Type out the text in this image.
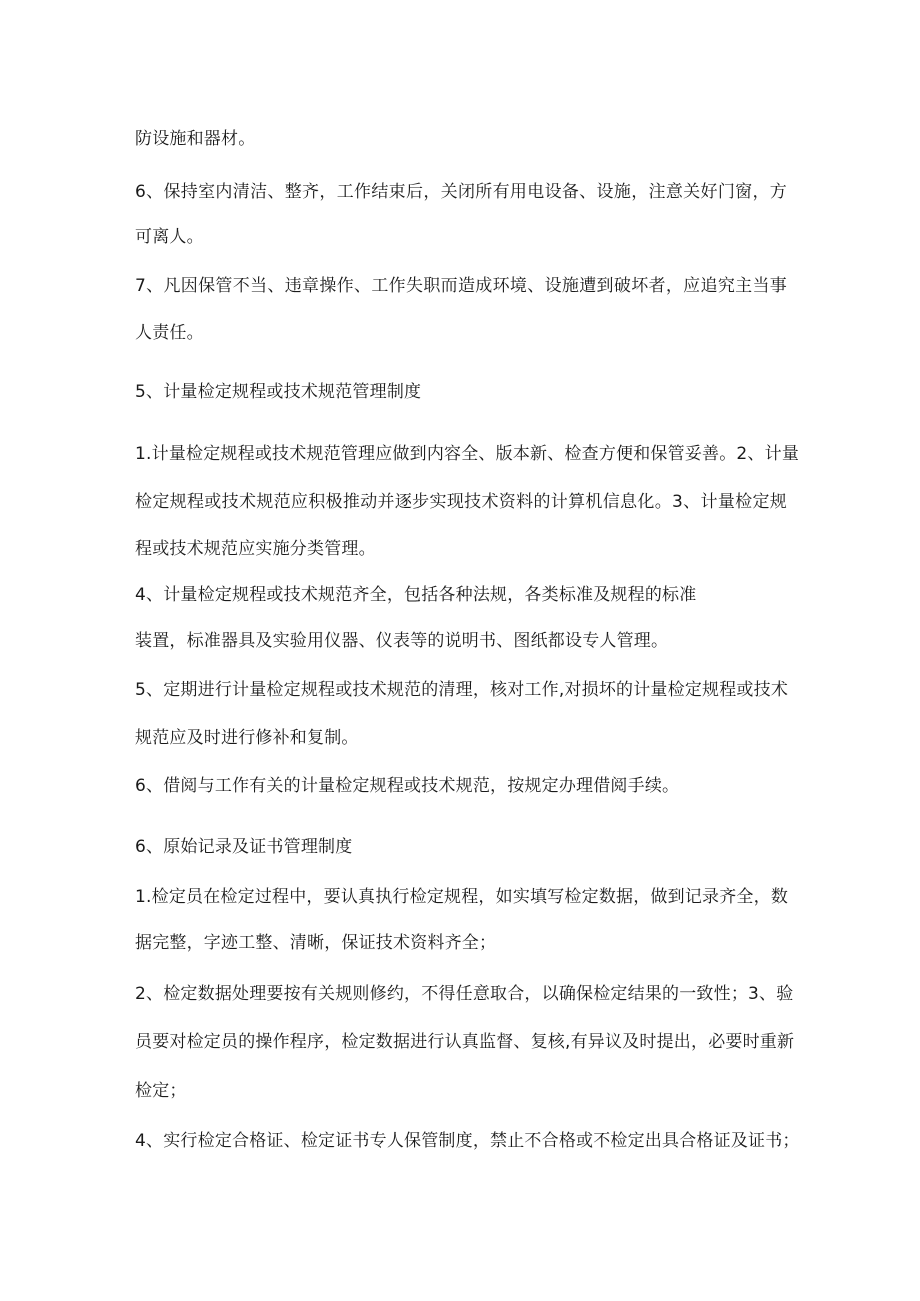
防设施和器材。

6、保持室内清洁、整齐，工作结束后，关闭所有用电设备、设施，注意关好门窗，方

可离人。

7、凡因保管不当、违章操作、工作失职而造成环境、设施遭到破坏者，应追究主当事

人责任。

5、计量检定规程或技术规范管理制度

1.计量检定规程或技术规范管理应做到内容全、版本新、检查方便和保管妥善。2、计量

检定规程或技术规范应积极推动并逐步实现技术资料的计算机信息化。3、计量检定规

程或技术规范应实施分类管理。

4、计量检定规程或技术规范齐全，包括各种法规，各类标准及规程的标准

装置，标准器具及实验用仪器、仪表等的说明书、图纸都设专人管理。

5、定期进行计量检定规程或技术规范的清理，核对工作,对损坏的计量检定规程或技术

规范应及时进行修补和复制。

6、借阅与工作有关的计量检定规程或技术规范，按规定办理借阅手续。

6、原始记录及证书管理制度

1.检定员在检定过程中，要认真执行检定规程，如实填写检定数据，做到记录齐全，数

据完整，字迹工整、清晰，保证技术资料齐全；

2、检定数据处理要按有关规则修约，不得任意取合，以确保检定结果的一致性；3、验

员要对检定员的操作程序，检定数据进行认真监督、复核,有异议及时提出，必要时重新

检定；

4、实行检定合格证、检定证书专人保管制度，禁止不合格或不检定出具合格证及证书；
